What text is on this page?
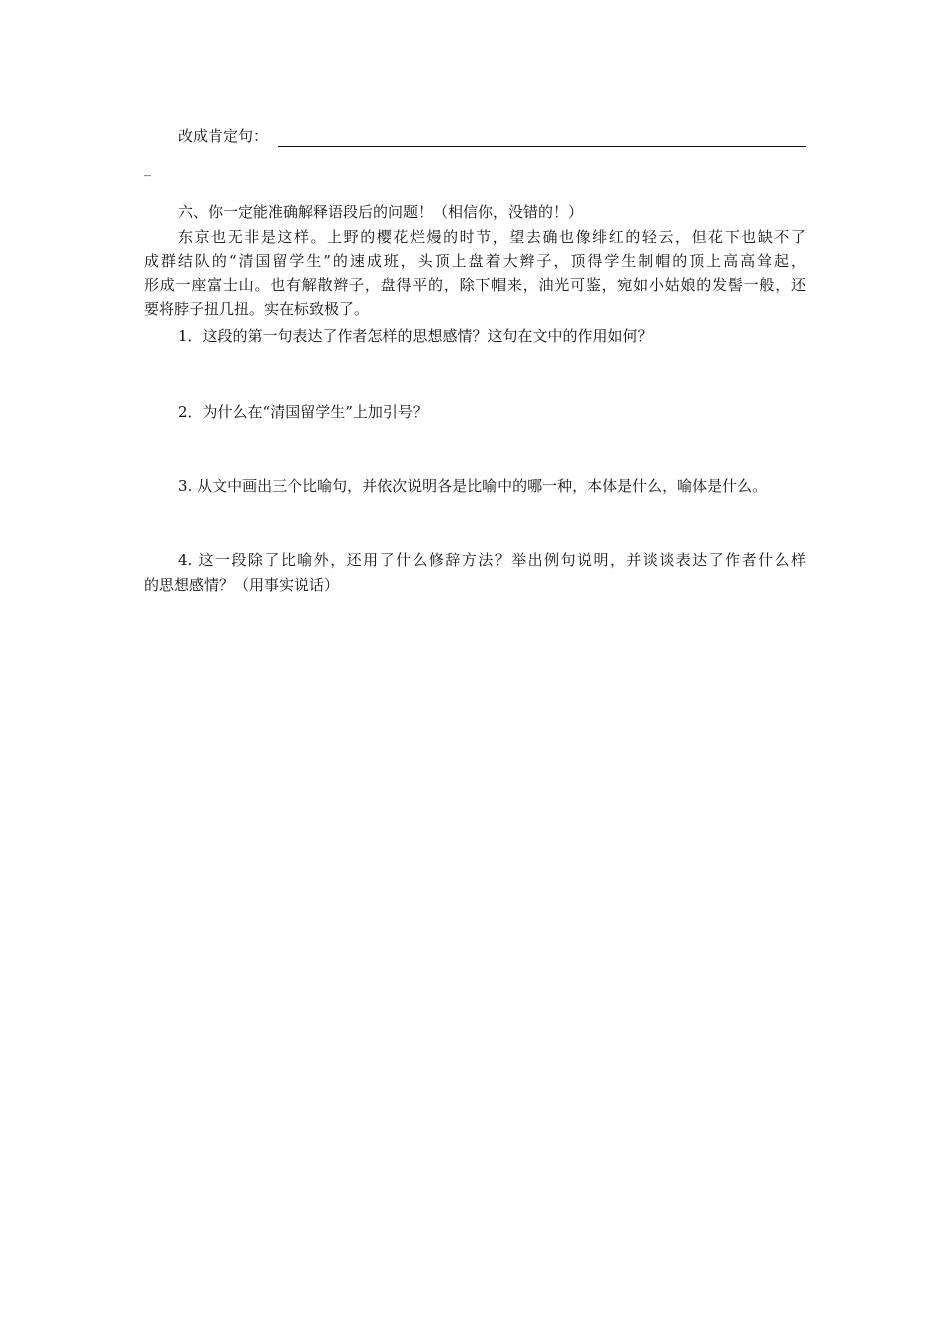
改成肯定句：
_
六、你一定能准确解释语段后的问题！（相信你，没错的！）
东京也无非是这样。上野的樱花烂熳的时节，望去确也像绯红的轻云，但花下也缺不了
成群结队的“清国留学生”的速成班，头顶上盘着大辫子，顶得学生制帽的顶上高高耸起，
形成一座富士山。也有解散辫子，盘得平的，除下帽来，油光可鉴，宛如小姑娘的发髻一般，还
要将脖子扭几扭。实在标致极了。
1．这段的第一句表达了作者怎样的思想感情？这句在文中的作用如何？
2．为什么在“清国留学生”上加引号？
3. 从文中画出三个比喻句，并依次说明各是比喻中的哪一种，本体是什么，喻体是什么。
4. 这一段除了比喻外，还用了什么修辞方法？举出例句说明，并谈谈表达了作者什么样
的思想感情？（用事实说话）
